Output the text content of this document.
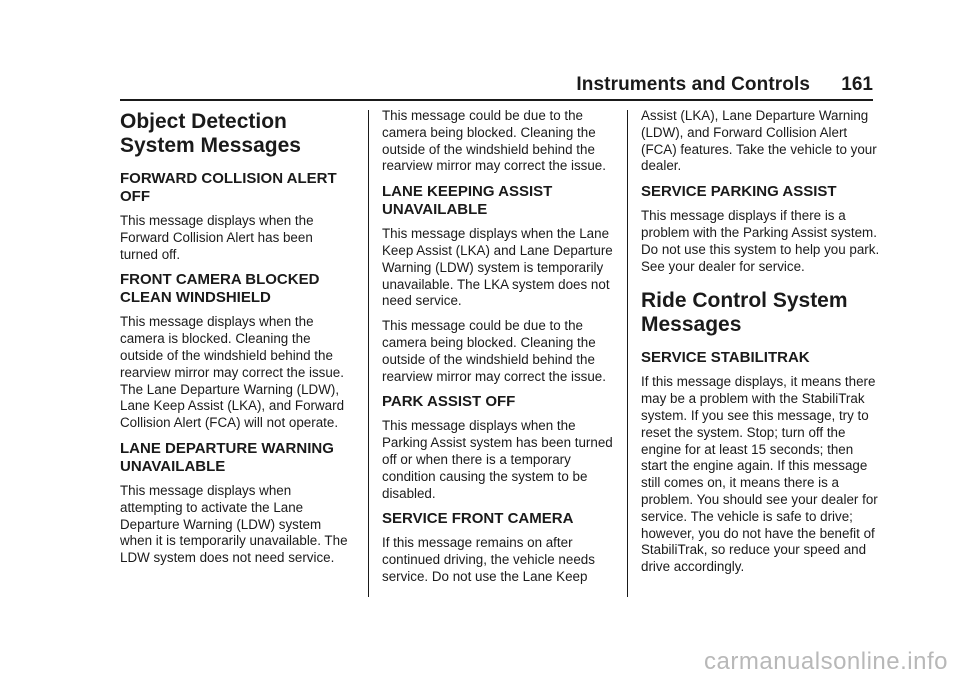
Instruments and Controls 161
Object Detection System Messages
FORWARD COLLISION ALERT OFF
This message displays when the Forward Collision Alert has been turned off.
FRONT CAMERA BLOCKED CLEAN WINDSHIELD
This message displays when the camera is blocked. Cleaning the outside of the windshield behind the rearview mirror may correct the issue. The Lane Departure Warning (LDW), Lane Keep Assist (LKA), and Forward Collision Alert (FCA) will not operate.
LANE DEPARTURE WARNING UNAVAILABLE
This message displays when attempting to activate the Lane Departure Warning (LDW) system when it is temporarily unavailable. The LDW system does not need service.
This message could be due to the camera being blocked. Cleaning the outside of the windshield behind the rearview mirror may correct the issue.
LANE KEEPING ASSIST UNAVAILABLE
This message displays when the Lane Keep Assist (LKA) and Lane Departure Warning (LDW) system is temporarily unavailable. The LKA system does not need service.
This message could be due to the camera being blocked. Cleaning the outside of the windshield behind the rearview mirror may correct the issue.
PARK ASSIST OFF
This message displays when the Parking Assist system has been turned off or when there is a temporary condition causing the system to be disabled.
SERVICE FRONT CAMERA
If this message remains on after continued driving, the vehicle needs service. Do not use the Lane Keep
Assist (LKA), Lane Departure Warning (LDW), and Forward Collision Alert (FCA) features. Take the vehicle to your dealer.
SERVICE PARKING ASSIST
This message displays if there is a problem with the Parking Assist system. Do not use this system to help you park. See your dealer for service.
Ride Control System Messages
SERVICE STABILITRAK
If this message displays, it means there may be a problem with the StabiliTrak system. If you see this message, try to reset the system. Stop; turn off the engine for at least 15 seconds; then start the engine again. If this message still comes on, it means there is a problem. You should see your dealer for service. The vehicle is safe to drive; however, you do not have the benefit of StabiliTrak, so reduce your speed and drive accordingly.
carmanualsonline.info
